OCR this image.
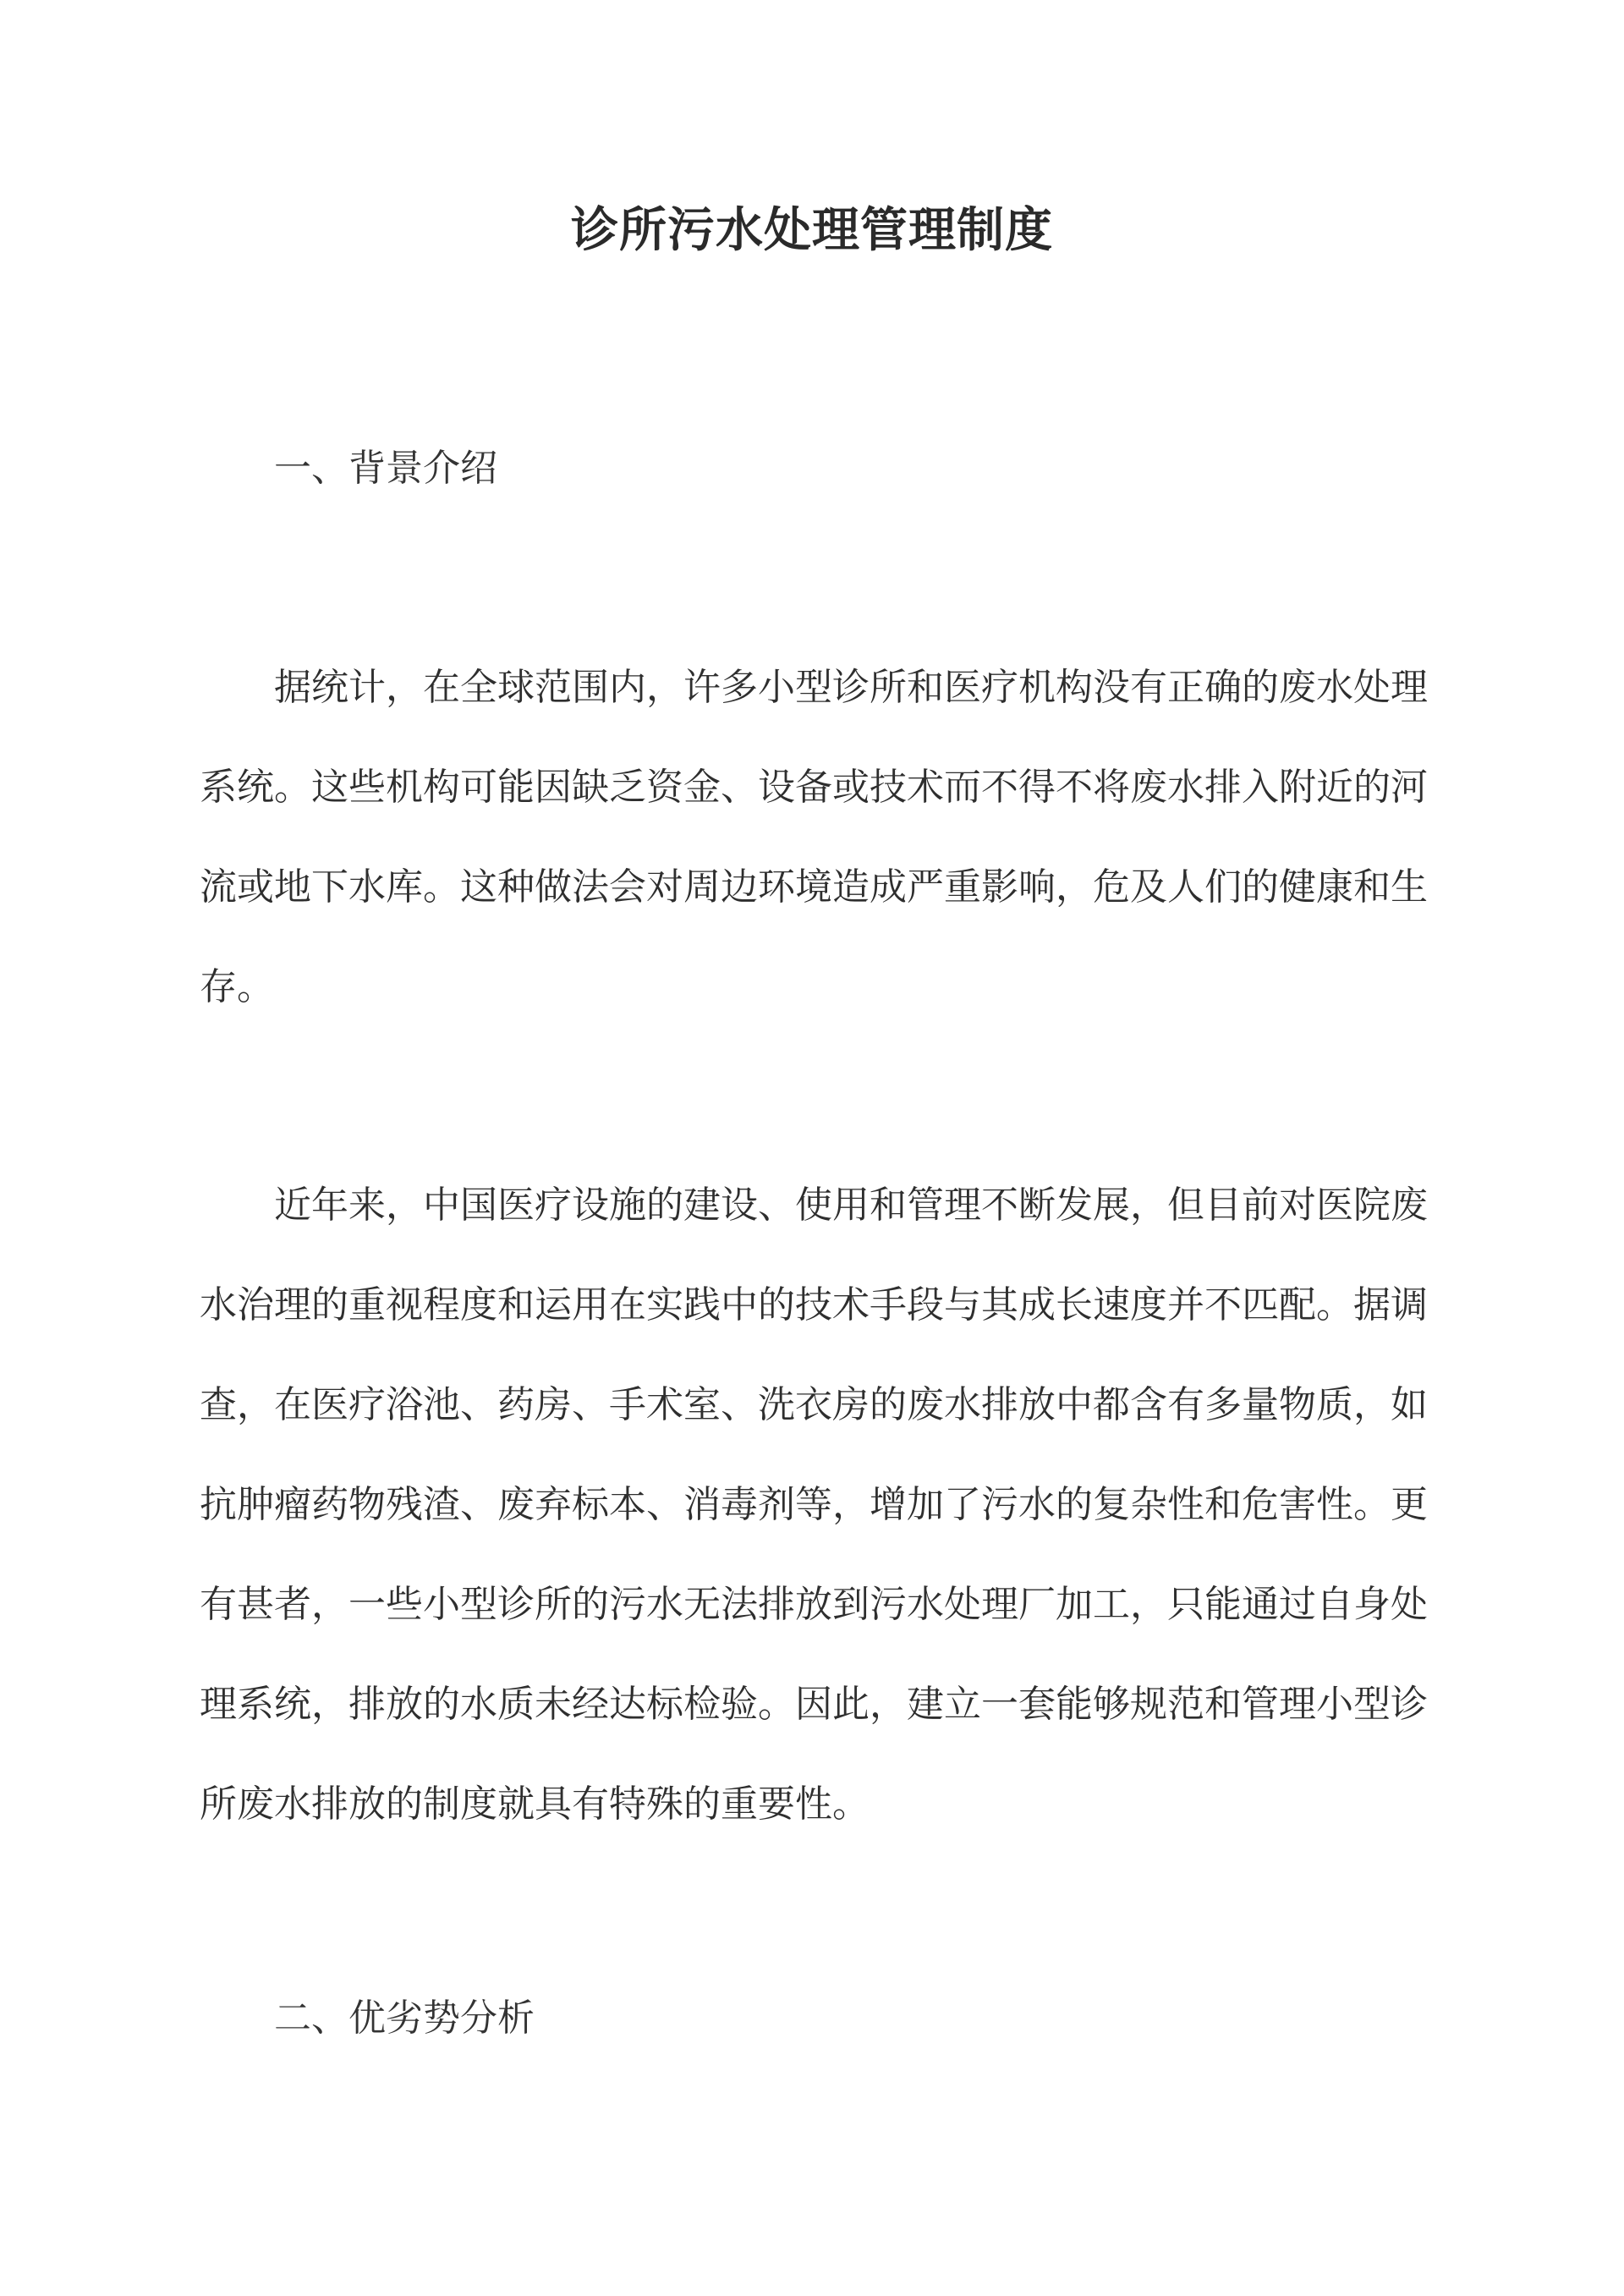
诊所污水处理管理制度
一、背景介绍

据统计，在全球范围内，许多小型诊所和医疗机构没有正确的废水处理系统。这些机构可能因缺乏资金、设备或技术而不得不将废水排入附近的河流或地下水库。这种做法会对周边环境造成严重影响，危及人们的健康和生存。

近年来，中国医疗设施的建设、使用和管理不断发展，但目前对医院废水治理的重视程度和运用在实践中的技术手段与其成长速度并不匹配。据调查，在医疗浴池、药房、手术室、洗衣房的废水排放中都含有多量物质，如抗肿瘤药物残渣、废弃标本、消毒剂等，增加了污水的复杂性和危害性。更有甚者，一些小型诊所的污水无法排放到污水处理厂加工，只能通过自身处理系统，排放的水质未经达标检验。因此，建立一套能够规范和管理小型诊所废水排放的制度就具有特殊的重要性。

二、优劣势分析
